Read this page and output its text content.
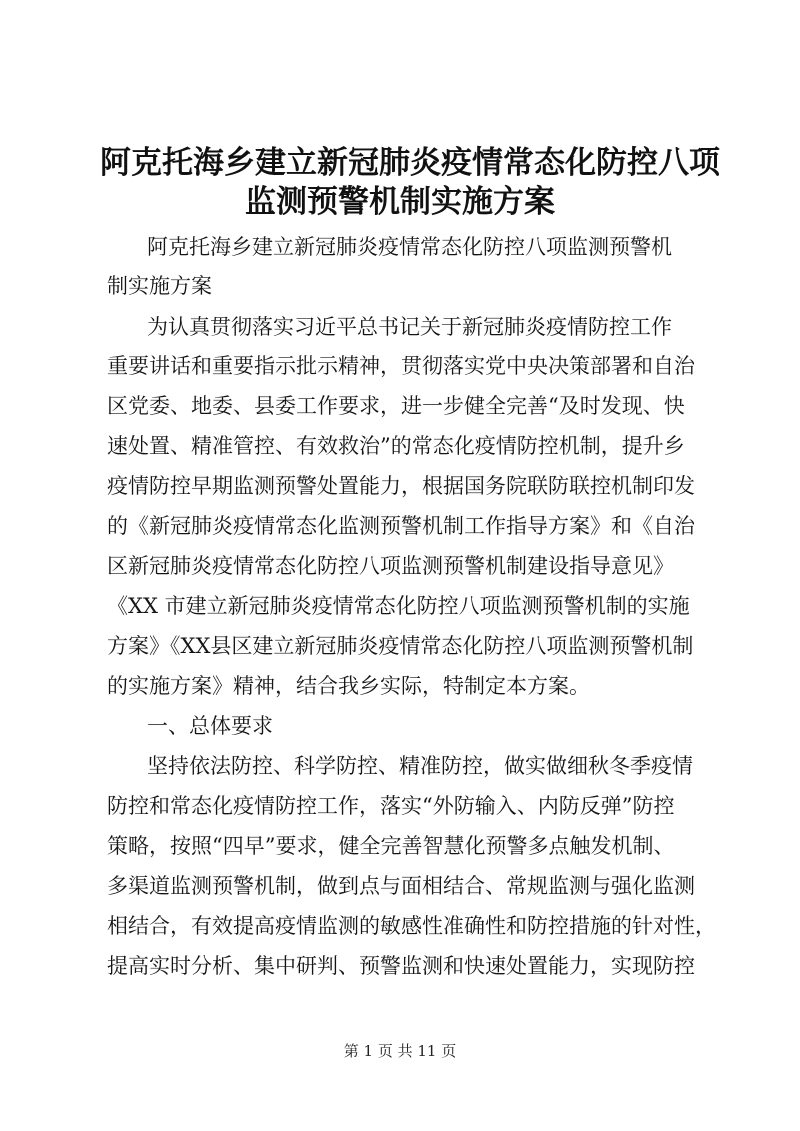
阿克托海乡建立新冠肺炎疫情常态化防控八项
监测预警机制实施方案
阿克托海乡建立新冠肺炎疫情常态化防控八项监测预警机
制实施方案
为认真贯彻落实习近平总书记关于新冠肺炎疫情防控工作
重要讲话和重要指示批示精神，贯彻落实党中央决策部署和自治
区党委、地委、县委工作要求，进一步健全完善“及时发现、快
速处置、精准管控、有效救治”的常态化疫情防控机制，提升乡
疫情防控早期监测预警处置能力，根据国务院联防联控机制印发
的《新冠肺炎疫情常态化监测预警机制工作指导方案》和《自治
区新冠肺炎疫情常态化防控八项监测预警机制建设指导意见》
《XX 市建立新冠肺炎疫情常态化防控八项监测预警机制的实施
方案》《XX县区建立新冠肺炎疫情常态化防控八项监测预警机制
的实施方案》精神，结合我乡实际，特制定本方案。
一、总体要求
坚持依法防控、科学防控、精准防控，做实做细秋冬季疫情
防控和常态化疫情防控工作，落实“外防输入、内防反弹”防控
策略，按照“四早”要求，健全完善智慧化预警多点触发机制、
多渠道监测预警机制，做到点与面相结合、常规监测与强化监测
相结合，有效提高疫情监测的敏感性准确性和防控措施的针对性，
提高实时分析、集中研判、预警监测和快速处置能力，实现防控
第 1 页 共 11 页
